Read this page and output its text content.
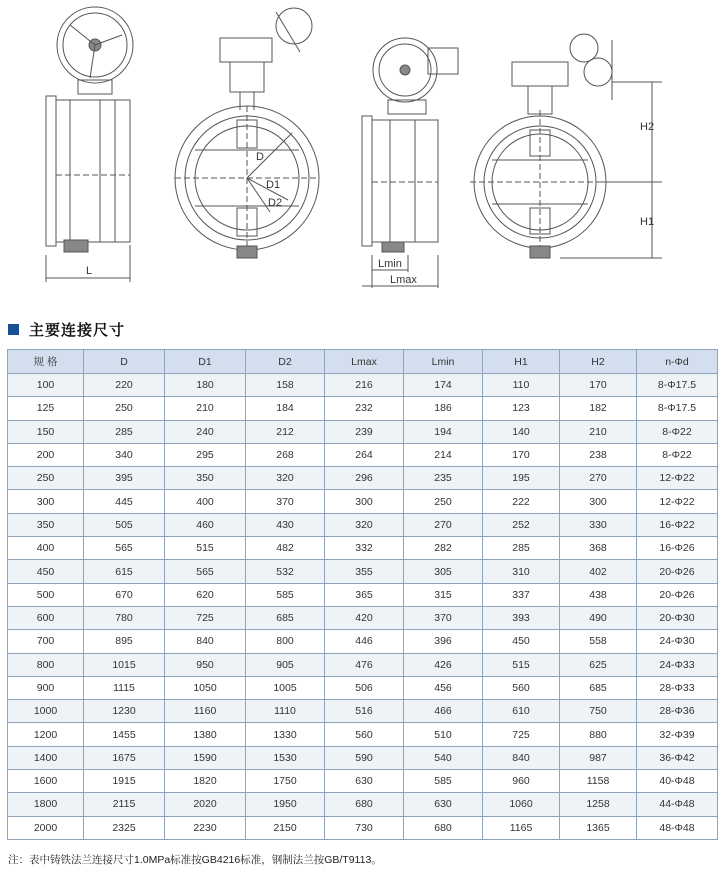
L
D
D1
D2
Lmin
Lmax
H2
H1
主要连接尺寸
规 格	D	D1	D2	Lmax	Lmin	H1	H2	n-Φd
100	220	180	158	216	174	110	170	8-Φ17.5
125	250	210	184	232	186	123	182	8-Φ17.5
150	285	240	212	239	194	140	210	8-Φ22
200	340	295	268	264	214	170	238	8-Φ22
250	395	350	320	296	235	195	270	12-Φ22
300	445	400	370	300	250	222	300	12-Φ22
350	505	460	430	320	270	252	330	16-Φ22
400	565	515	482	332	282	285	368	16-Φ26
450	615	565	532	355	305	310	402	20-Φ26
500	670	620	585	365	315	337	438	20-Φ26
600	780	725	685	420	370	393	490	20-Φ30
700	895	840	800	446	396	450	558	24-Φ30
800	1015	950	905	476	426	515	625	24-Φ33
900	1115	1050	1005	506	456	560	685	28-Φ33
1000	1230	1160	1110	516	466	610	750	28-Φ36
1200	1455	1380	1330	560	510	725	880	32-Φ39
1400	1675	1590	1530	590	540	840	987	36-Φ42
1600	1915	1820	1750	630	585	960	1158	40-Φ48
1800	2115	2020	1950	680	630	1060	1258	44-Φ48
2000	2325	2230	2150	730	680	1165	1365	48-Φ48
注：表中铸铁法兰连接尺寸1.0MPa标准按GB4216标准，钢制法兰按GB/T9113。
